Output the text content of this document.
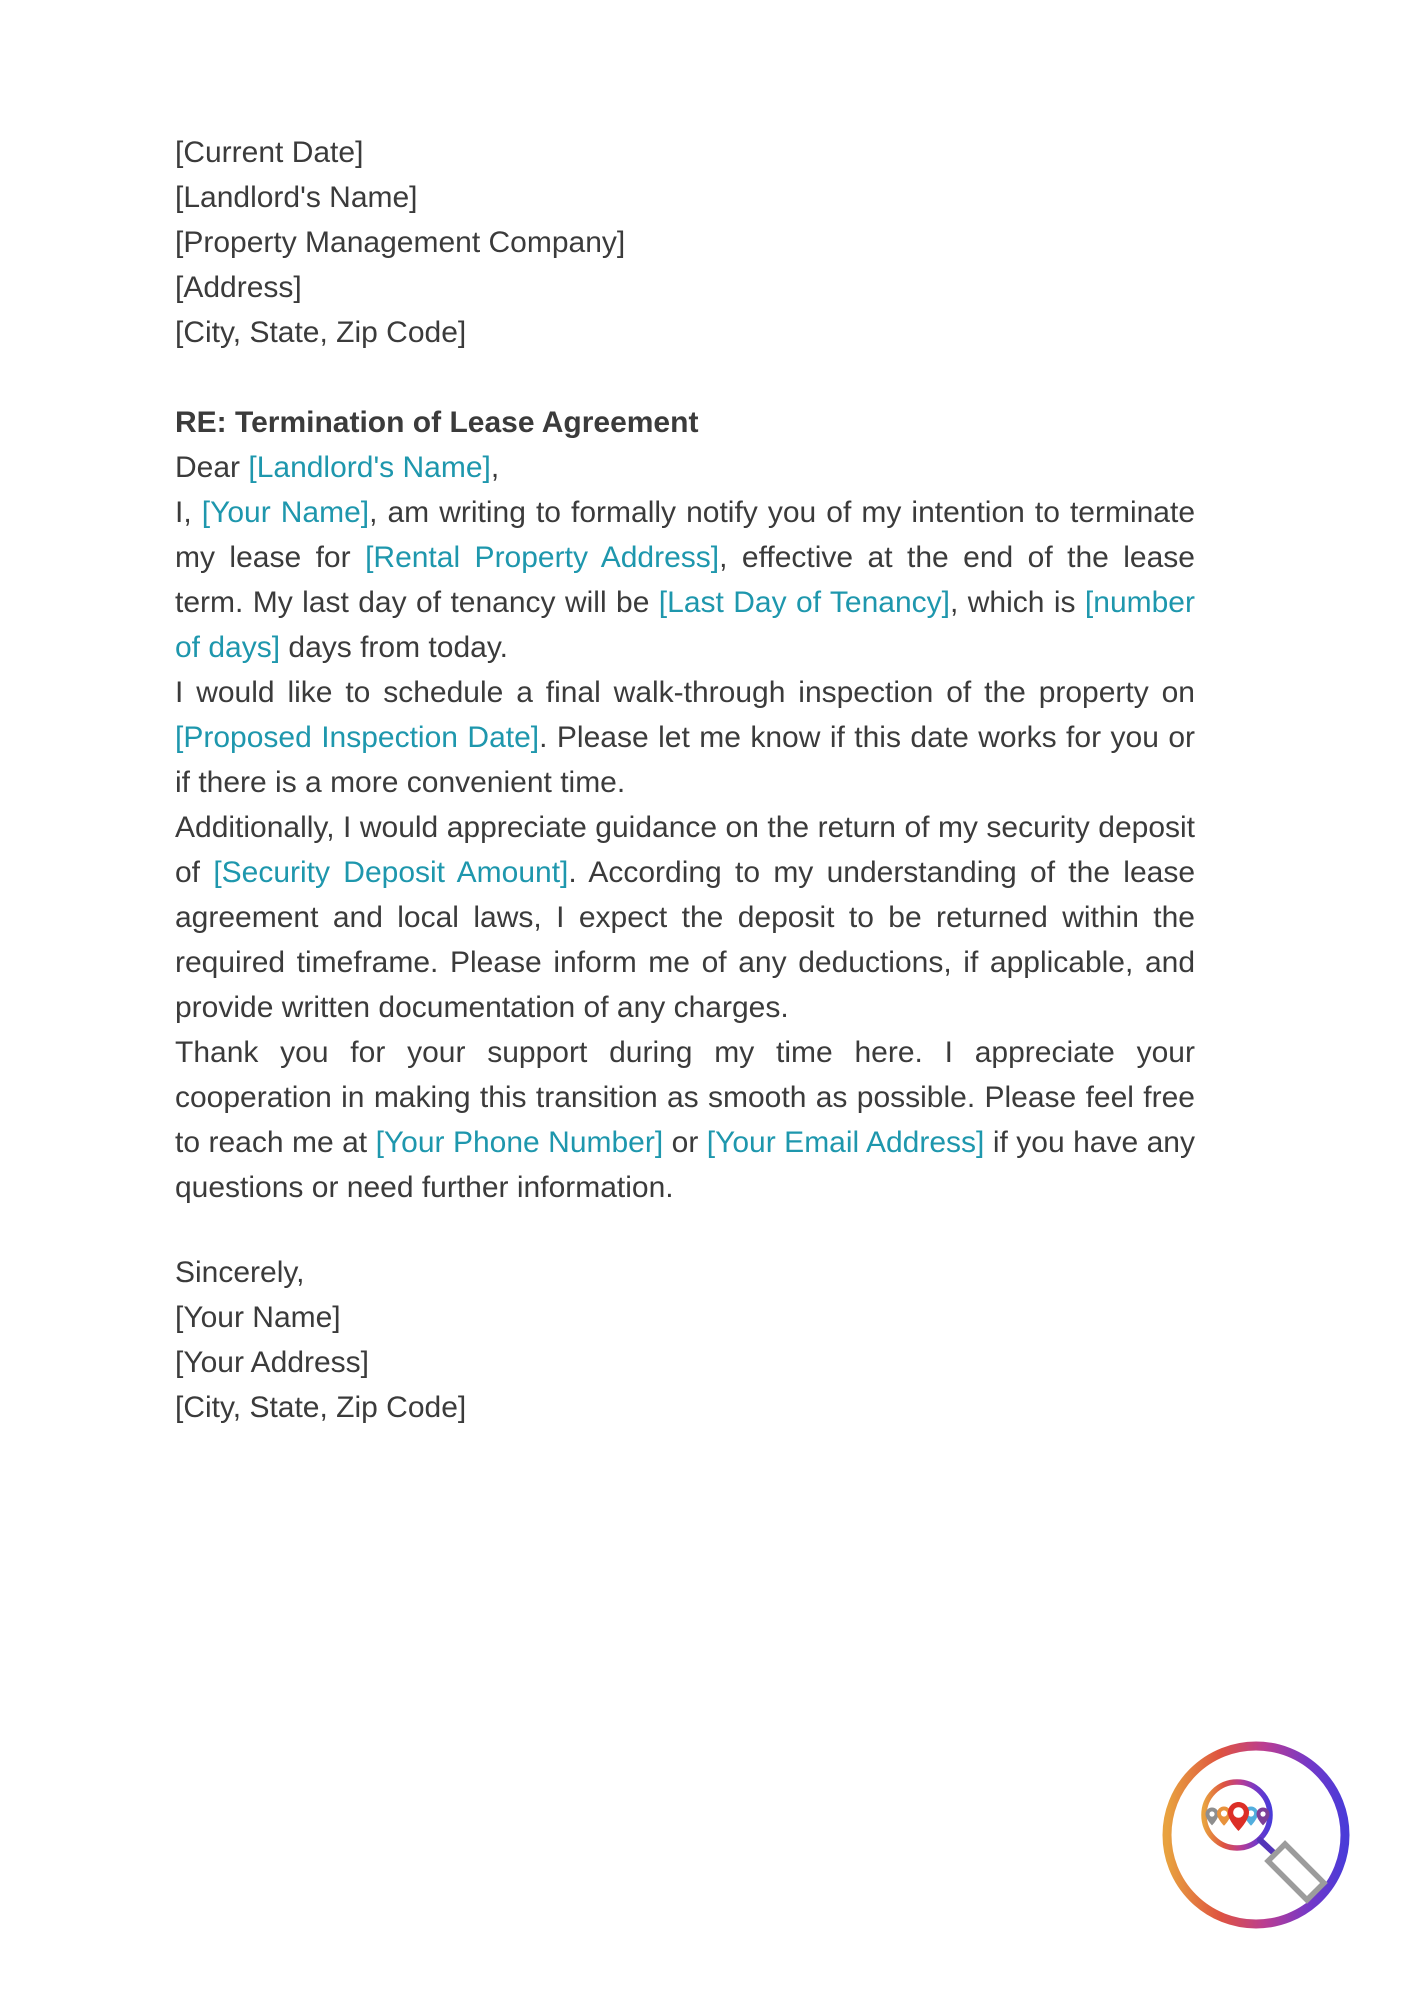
[Current Date]
[Landlord's Name]
[Property Management Company]
[Address]
[City, State, Zip Code]
RE: Termination of Lease Agreement

Dear [Landlord's Name],

I, [Your Name], am writing to formally notify you of my intention to terminate my lease for [Rental Property Address], effective at the end of the lease term. My last day of tenancy will be [Last Day of Tenancy], which is [number of days] days from today.

I would like to schedule a final walk-through inspection of the property on [Proposed Inspection Date]. Please let me know if this date works for you or if there is a more convenient time.

Additionally, I would appreciate guidance on the return of my security deposit of [Security Deposit Amount]. According to my understanding of the lease agreement and local laws, I expect the deposit to be returned within the required timeframe. Please inform me of any deductions, if applicable, and provide written documentation of any charges.

Thank you for your support during my time here. I appreciate your cooperation in making this transition as smooth as possible. Please feel free to reach me at [Your Phone Number] or [Your Email Address] if you have any questions or need further information.

Sincerely,
[Your Name]
[Your Address]
[City, State, Zip Code]
